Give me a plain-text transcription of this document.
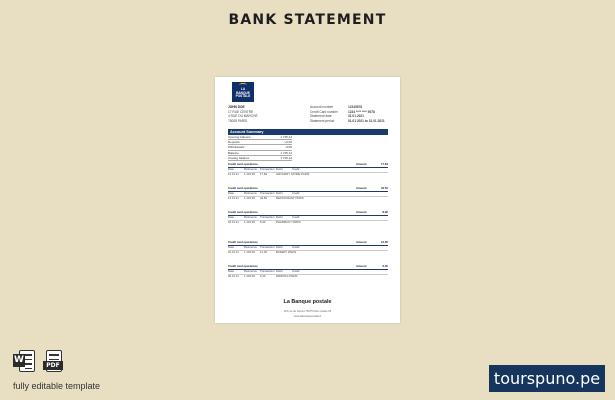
BANK STATEMENT
LA
BANQUE
POSTALE
JOHN DOE
17 RUE CENTRE
4 RUE DU MARCHÉ
75008 PARIS
Account number	12345678
Credit Card number	1234 **** **** 5678
Statement date	31.01.2021
Statement period	01.01.2021 to 31.01.2021
Account Summary
Opening balance	1 745,12
Deposits	+0,00
Withdrawals	-0,00
Balance	1 745,12
Closing balance	1 745,12
Credit card operations	Amount	17,84
Date	Reference	Transaction Debit	Credit
12.01.21	1 245,00	17,84	GROCERY STORE PARIS
Credit card operations	Amount	34,50
Date	Reference	Transaction Debit	Credit
14.01.21	1 245,00	34,50	RESTAURANT PARIS
Credit card operations	Amount	8,90
Date	Reference	Transaction Debit	Credit
18.01.21	1 245,00	8,90	PHARMACY PARIS
Credit card operations	Amount	12,00
Date	Reference	Transaction Debit	Credit
22.01.21	1 245,00	12,00	BAKERY PARIS
Credit card operations	Amount	6,40
Date	Reference	Transaction Debit	Credit
28.01.21	1 245,00	6,40	PARKING PARIS
La Banque postale
115 rue de Sèvres 75275 Paris Cedex 06
www.labanquepostale.fr
W
PDF
fully editable template	tourspuno.pe
